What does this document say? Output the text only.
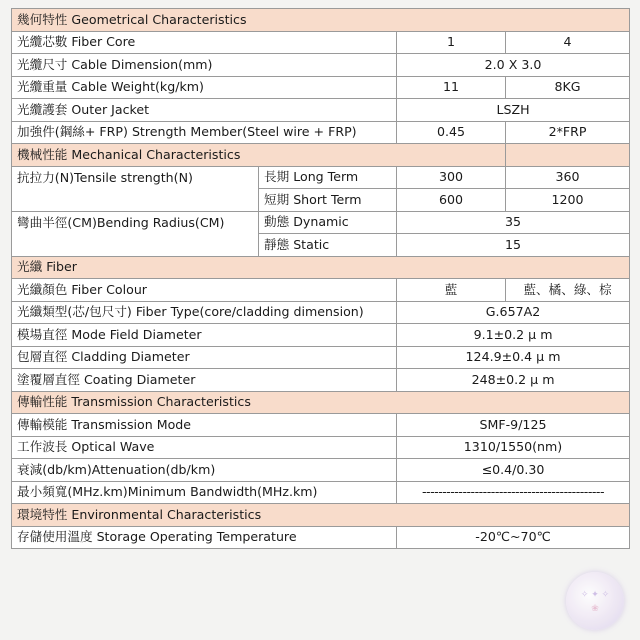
幾何特性 Geometrical Characteristics			
光纜芯數 Fiber Core		1	4
光纜尺寸 Cable Dimension(mm)		2.0 X 3.0	
光纜重量 Cable Weight(kg/km)		11	8KG
光纜護套 Outer Jacket		LSZH	
加強件(鋼絲+ FRP) Strength Member(Steel wire + FRP)		0.45	2*FRP
機械性能 Mechanical Characteristics			
抗拉力(N)Tensile strength(N)	長期 Long Term	300	360
	短期 Short Term	600	1200
彎曲半徑(CM)Bending Radius(CM)	動態 Dynamic	35	
	靜態 Static	15	
光纖 Fiber			
光纖顏色 Fiber Colour		藍	藍、橘、綠、棕
光纖類型(芯/包尺寸) Fiber Type(core/cladding dimension)		G.657A2	
模場直徑 Mode Field Diameter		9.1±0.2 μ m	
包層直徑 Cladding Diameter		124.9±0.4 μ m	
塗覆層直徑 Coating Diameter		248±0.2 μ m	
傳輸性能 Transmission Characteristics			
傳輸模能 Transmission Mode		SMF-9/125	
工作波長 Optical Wave		1310/1550(nm)	
衰減(db/km)Attenuation(db/km)		≤0.4/0.30	
最小頻寬(MHz.km)Minimum Bandwidth(MHz.km)		---------------------------------------------	
環境特性 Environmental Characteristics			
存儲使用溫度 Storage Operating Temperature		-20℃~70℃	
✧ ✦ ✧
❀
